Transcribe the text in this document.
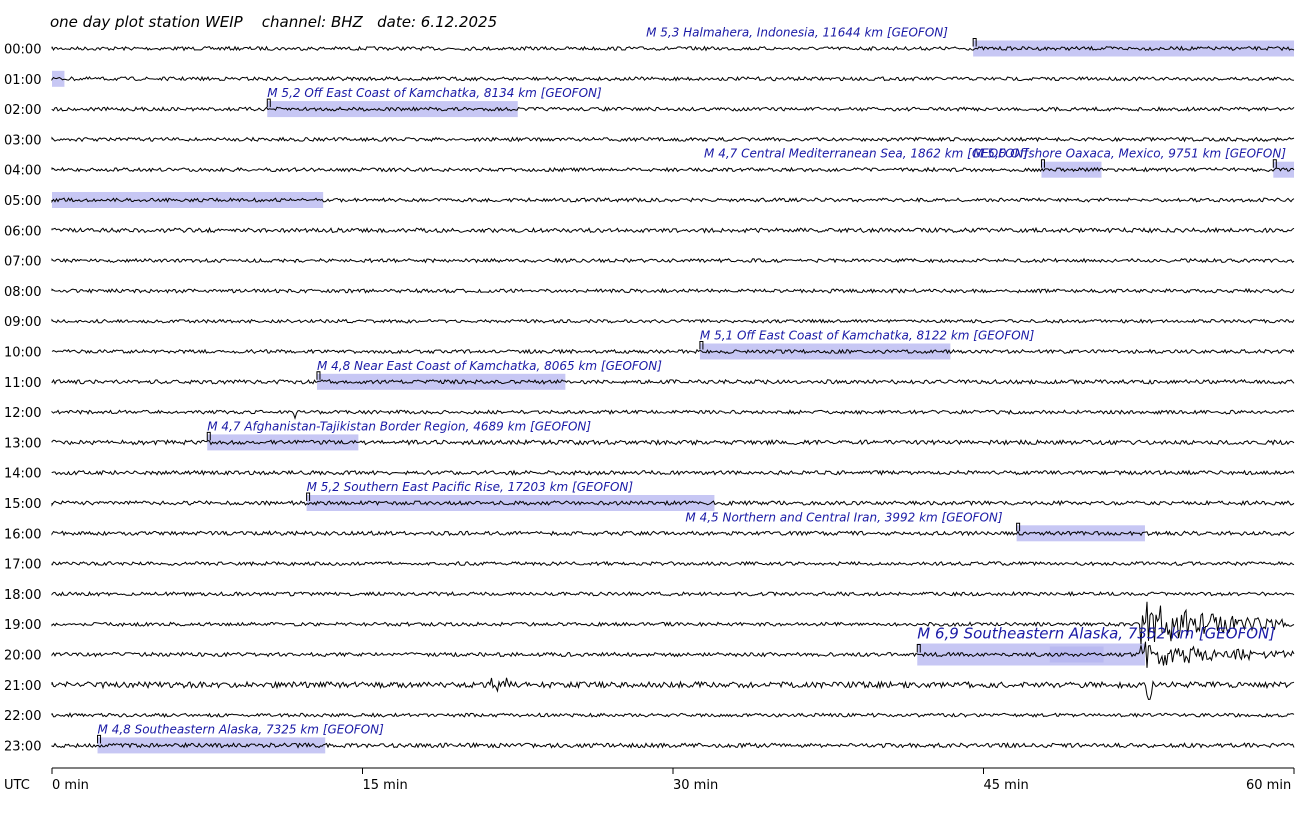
one day plot station WEIP    channel: BHZ   date: 6.12.2025
00:00
01:00
02:00
03:00
04:00
05:00
06:00
07:00
08:00
09:00
10:00
11:00
12:00
13:00
14:00
15:00
16:00
17:00
18:00
19:00
20:00
21:00
22:00
23:00
M 5,3 Halmahera, Indonesia, 11644 km [GEOFON]
M 5,2 Off East Coast of Kamchatka, 8134 km [GEOFON]
M 4,7 Central Mediterranean Sea, 1862 km [GEOFON]
M 5,0 Offshore Oaxaca, Mexico, 9751 km [GEOFON]
M 5,1 Off East Coast of Kamchatka, 8122 km [GEOFON]
M 4,8 Near East Coast of Kamchatka, 8065 km [GEOFON]
M 4,7 Afghanistan-Tajikistan Border Region, 4689 km [GEOFON]
M 5,2 Southern East Pacific Rise, 17203 km [GEOFON]
M 4,5 Northern and Central Iran, 3992 km [GEOFON]
M 6,9 Southeastern Alaska, 7352 km [GEOFON]
M 4,8 Southeastern Alaska, 7325 km [GEOFON]
UTC 0 min	15 min	30 min	45 min	60 min
